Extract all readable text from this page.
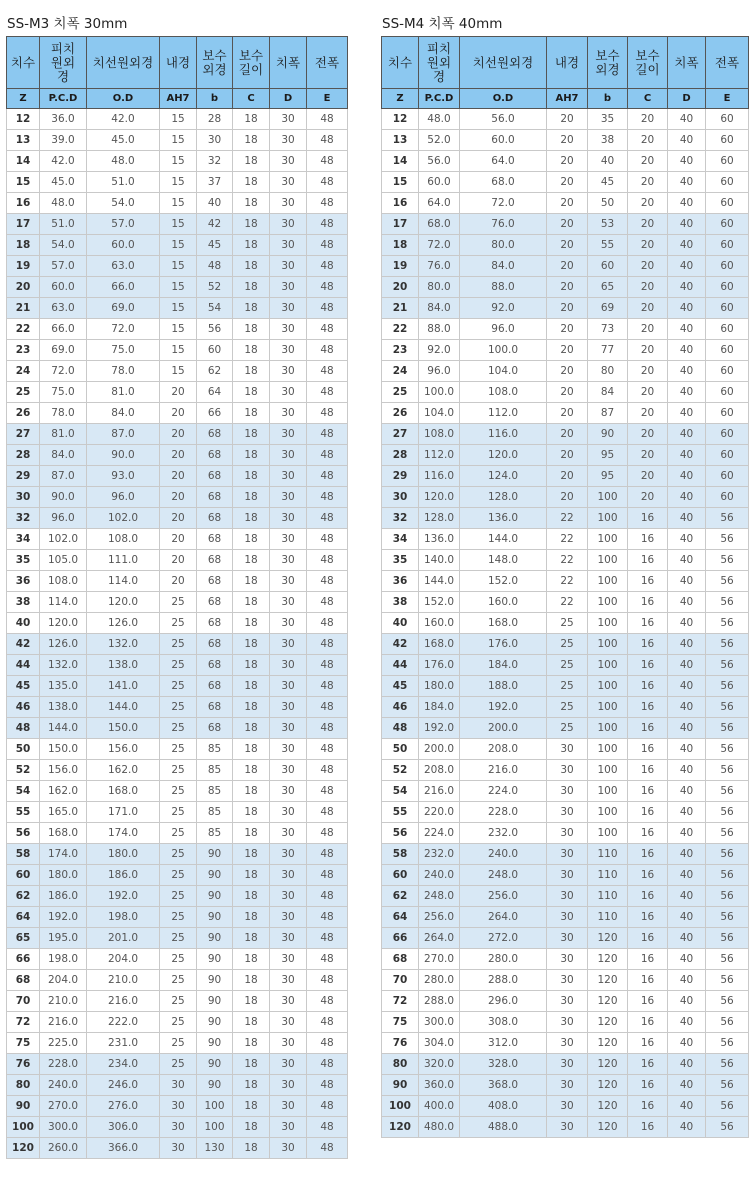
SS-M3 치폭 30mm
치수	피치원외경	치선원외경	내경	보수외경	보수길이	치폭	전폭
Z	P.C.D	O.D	AH7	b	C	D	E
12	36.0	42.0	15	28	18	30	48
13	39.0	45.0	15	30	18	30	48
14	42.0	48.0	15	32	18	30	48
15	45.0	51.0	15	37	18	30	48
16	48.0	54.0	15	40	18	30	48
17	51.0	57.0	15	42	18	30	48
18	54.0	60.0	15	45	18	30	48
19	57.0	63.0	15	48	18	30	48
20	60.0	66.0	15	52	18	30	48
21	63.0	69.0	15	54	18	30	48
22	66.0	72.0	15	56	18	30	48
23	69.0	75.0	15	60	18	30	48
24	72.0	78.0	15	62	18	30	48
25	75.0	81.0	20	64	18	30	48
26	78.0	84.0	20	66	18	30	48
27	81.0	87.0	20	68	18	30	48
28	84.0	90.0	20	68	18	30	48
29	87.0	93.0	20	68	18	30	48
30	90.0	96.0	20	68	18	30	48
32	96.0	102.0	20	68	18	30	48
34	102.0	108.0	20	68	18	30	48
35	105.0	111.0	20	68	18	30	48
36	108.0	114.0	20	68	18	30	48
38	114.0	120.0	25	68	18	30	48
40	120.0	126.0	25	68	18	30	48
42	126.0	132.0	25	68	18	30	48
44	132.0	138.0	25	68	18	30	48
45	135.0	141.0	25	68	18	30	48
46	138.0	144.0	25	68	18	30	48
48	144.0	150.0	25	68	18	30	48
50	150.0	156.0	25	85	18	30	48
52	156.0	162.0	25	85	18	30	48
54	162.0	168.0	25	85	18	30	48
55	165.0	171.0	25	85	18	30	48
56	168.0	174.0	25	85	18	30	48
58	174.0	180.0	25	90	18	30	48
60	180.0	186.0	25	90	18	30	48
62	186.0	192.0	25	90	18	30	48
64	192.0	198.0	25	90	18	30	48
65	195.0	201.0	25	90	18	30	48
66	198.0	204.0	25	90	18	30	48
68	204.0	210.0	25	90	18	30	48
70	210.0	216.0	25	90	18	30	48
72	216.0	222.0	25	90	18	30	48
75	225.0	231.0	25	90	18	30	48
76	228.0	234.0	25	90	18	30	48
80	240.0	246.0	30	90	18	30	48
90	270.0	276.0	30	100	18	30	48
100	300.0	306.0	30	100	18	30	48
120	260.0	366.0	30	130	18	30	48
SS-M4 치폭 40mm
치수	피치원외경	치선원외경	내경	보수외경	보수길이	치폭	전폭
Z	P.C.D	O.D	AH7	b	C	D	E
12	48.0	56.0	20	35	20	40	60
13	52.0	60.0	20	38	20	40	60
14	56.0	64.0	20	40	20	40	60
15	60.0	68.0	20	45	20	40	60
16	64.0	72.0	20	50	20	40	60
17	68.0	76.0	20	53	20	40	60
18	72.0	80.0	20	55	20	40	60
19	76.0	84.0	20	60	20	40	60
20	80.0	88.0	20	65	20	40	60
21	84.0	92.0	20	69	20	40	60
22	88.0	96.0	20	73	20	40	60
23	92.0	100.0	20	77	20	40	60
24	96.0	104.0	20	80	20	40	60
25	100.0	108.0	20	84	20	40	60
26	104.0	112.0	20	87	20	40	60
27	108.0	116.0	20	90	20	40	60
28	112.0	120.0	20	95	20	40	60
29	116.0	124.0	20	95	20	40	60
30	120.0	128.0	20	100	20	40	60
32	128.0	136.0	22	100	16	40	56
34	136.0	144.0	22	100	16	40	56
35	140.0	148.0	22	100	16	40	56
36	144.0	152.0	22	100	16	40	56
38	152.0	160.0	22	100	16	40	56
40	160.0	168.0	25	100	16	40	56
42	168.0	176.0	25	100	16	40	56
44	176.0	184.0	25	100	16	40	56
45	180.0	188.0	25	100	16	40	56
46	184.0	192.0	25	100	16	40	56
48	192.0	200.0	25	100	16	40	56
50	200.0	208.0	30	100	16	40	56
52	208.0	216.0	30	100	16	40	56
54	216.0	224.0	30	100	16	40	56
55	220.0	228.0	30	100	16	40	56
56	224.0	232.0	30	100	16	40	56
58	232.0	240.0	30	110	16	40	56
60	240.0	248.0	30	110	16	40	56
62	248.0	256.0	30	110	16	40	56
64	256.0	264.0	30	110	16	40	56
66	264.0	272.0	30	120	16	40	56
68	270.0	280.0	30	120	16	40	56
70	280.0	288.0	30	120	16	40	56
72	288.0	296.0	30	120	16	40	56
75	300.0	308.0	30	120	16	40	56
76	304.0	312.0	30	120	16	40	56
80	320.0	328.0	30	120	16	40	56
90	360.0	368.0	30	120	16	40	56
100	400.0	408.0	30	120	16	40	56
120	480.0	488.0	30	120	16	40	56
